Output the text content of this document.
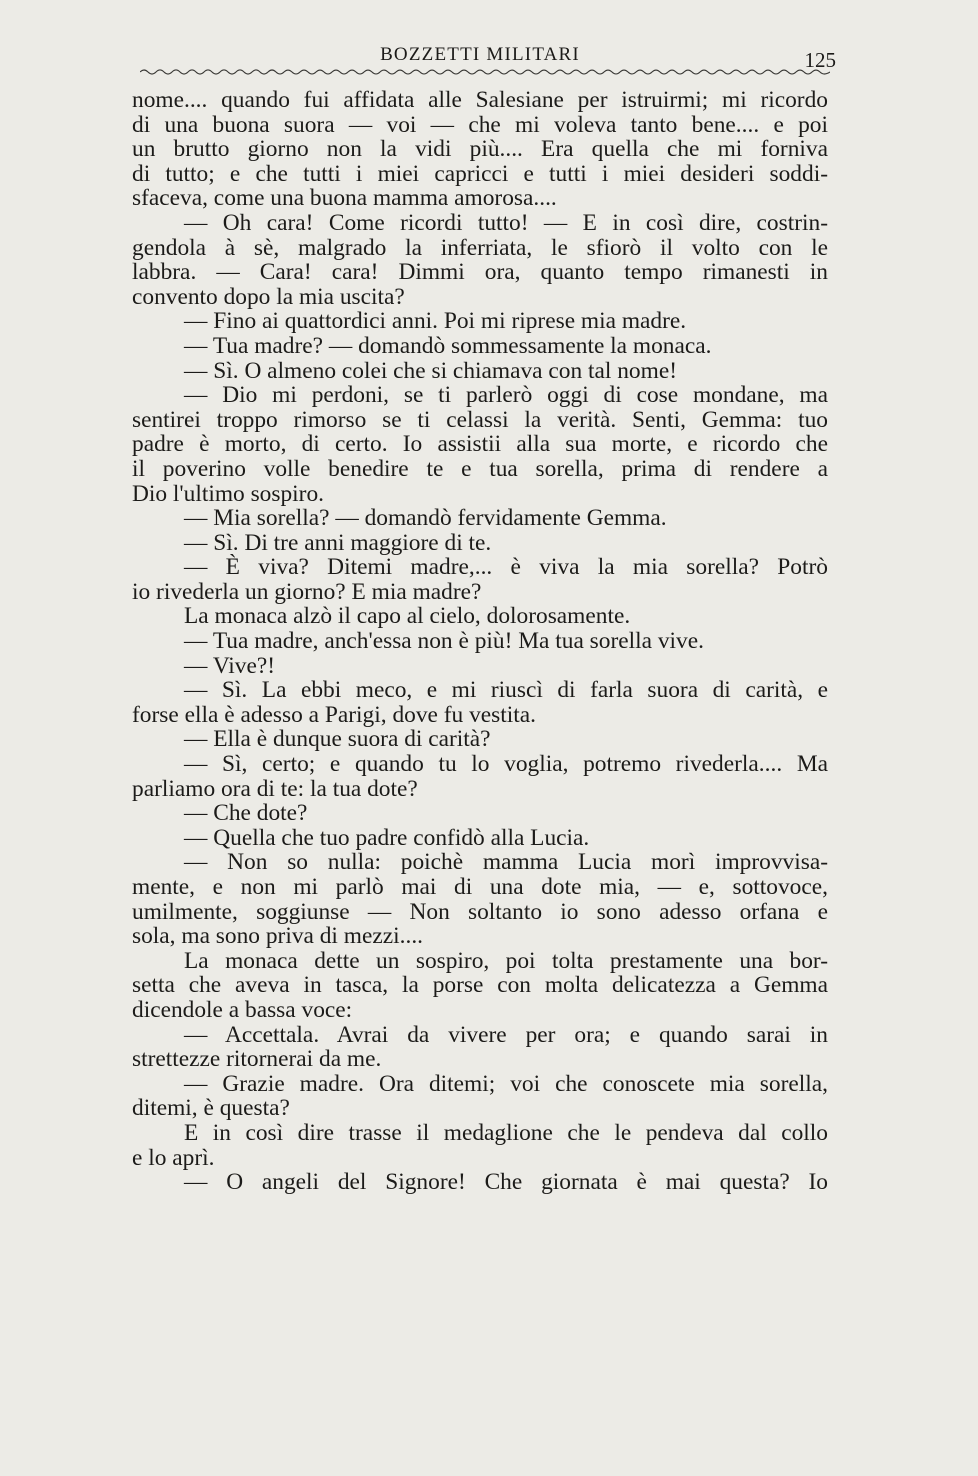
BOZZETTI MILITARI	125
nome.... quando fui affidata alle Salesiane per istruirmi; mi ricordo
di una buona suora — voi — che mi voleva tanto bene.... e poi
un brutto giorno non la vidi più.... Era quella che mi forniva
di tutto; e che tutti i miei capricci e tutti i miei desideri soddi-
sfaceva, come una buona mamma amorosa....
— Oh cara! Come ricordi tutto! — E in così dire, costrin-
gendola à sè, malgrado la inferriata, le sfiorò il volto con le
labbra. — Cara! cara! Dimmi ora, quanto tempo rimanesti in
convento dopo la mia uscita?
— Fino ai quattordici anni. Poi mi riprese mia madre.
— Tua madre? — domandò sommessamente la monaca.
— Sì. O almeno colei che si chiamava con tal nome!
— Dio mi perdoni, se ti parlerò oggi di cose mondane, ma
sentirei troppo rimorso se ti celassi la verità. Senti, Gemma: tuo
padre è morto, di certo. Io assistii alla sua morte, e ricordo che
il poverino volle benedire te e tua sorella, prima di rendere a
Dio l'ultimo sospiro.
— Mia sorella? — domandò fervidamente Gemma.
— Sì. Di tre anni maggiore di te.
— È viva? Ditemi madre,... è viva la mia sorella? Potrò
io rivederla un giorno? E mia madre?
La monaca alzò il capo al cielo, dolorosamente.
— Tua madre, anch'essa non è più! Ma tua sorella vive.
— Vive?!
— Sì. La ebbi meco, e mi riuscì di farla suora di carità, e
forse ella è adesso a Parigi, dove fu vestita.
— Ella è dunque suora di carità?
— Sì, certo; e quando tu lo voglia, potremo rivederla.... Ma
parliamo ora di te: la tua dote?
— Che dote?
— Quella che tuo padre confidò alla Lucia.
— Non so nulla: poichè mamma Lucia morì improvvisa-
mente, e non mi parlò mai di una dote mia, — e, sottovoce,
umilmente, soggiunse — Non soltanto io sono adesso orfana e
sola, ma sono priva di mezzi....
La monaca dette un sospiro, poi tolta prestamente una bor-
setta che aveva in tasca, la porse con molta delicatezza a Gemma
dicendole a bassa voce:
— Accettala. Avrai da vivere per ora; e quando sarai in
strettezze ritornerai da me.
— Grazie madre. Ora ditemi; voi che conoscete mia sorella,
ditemi, è questa?
E in così dire trasse il medaglione che le pendeva dal collo
e lo aprì.
— O angeli del Signore! Che giornata è mai questa? Io
